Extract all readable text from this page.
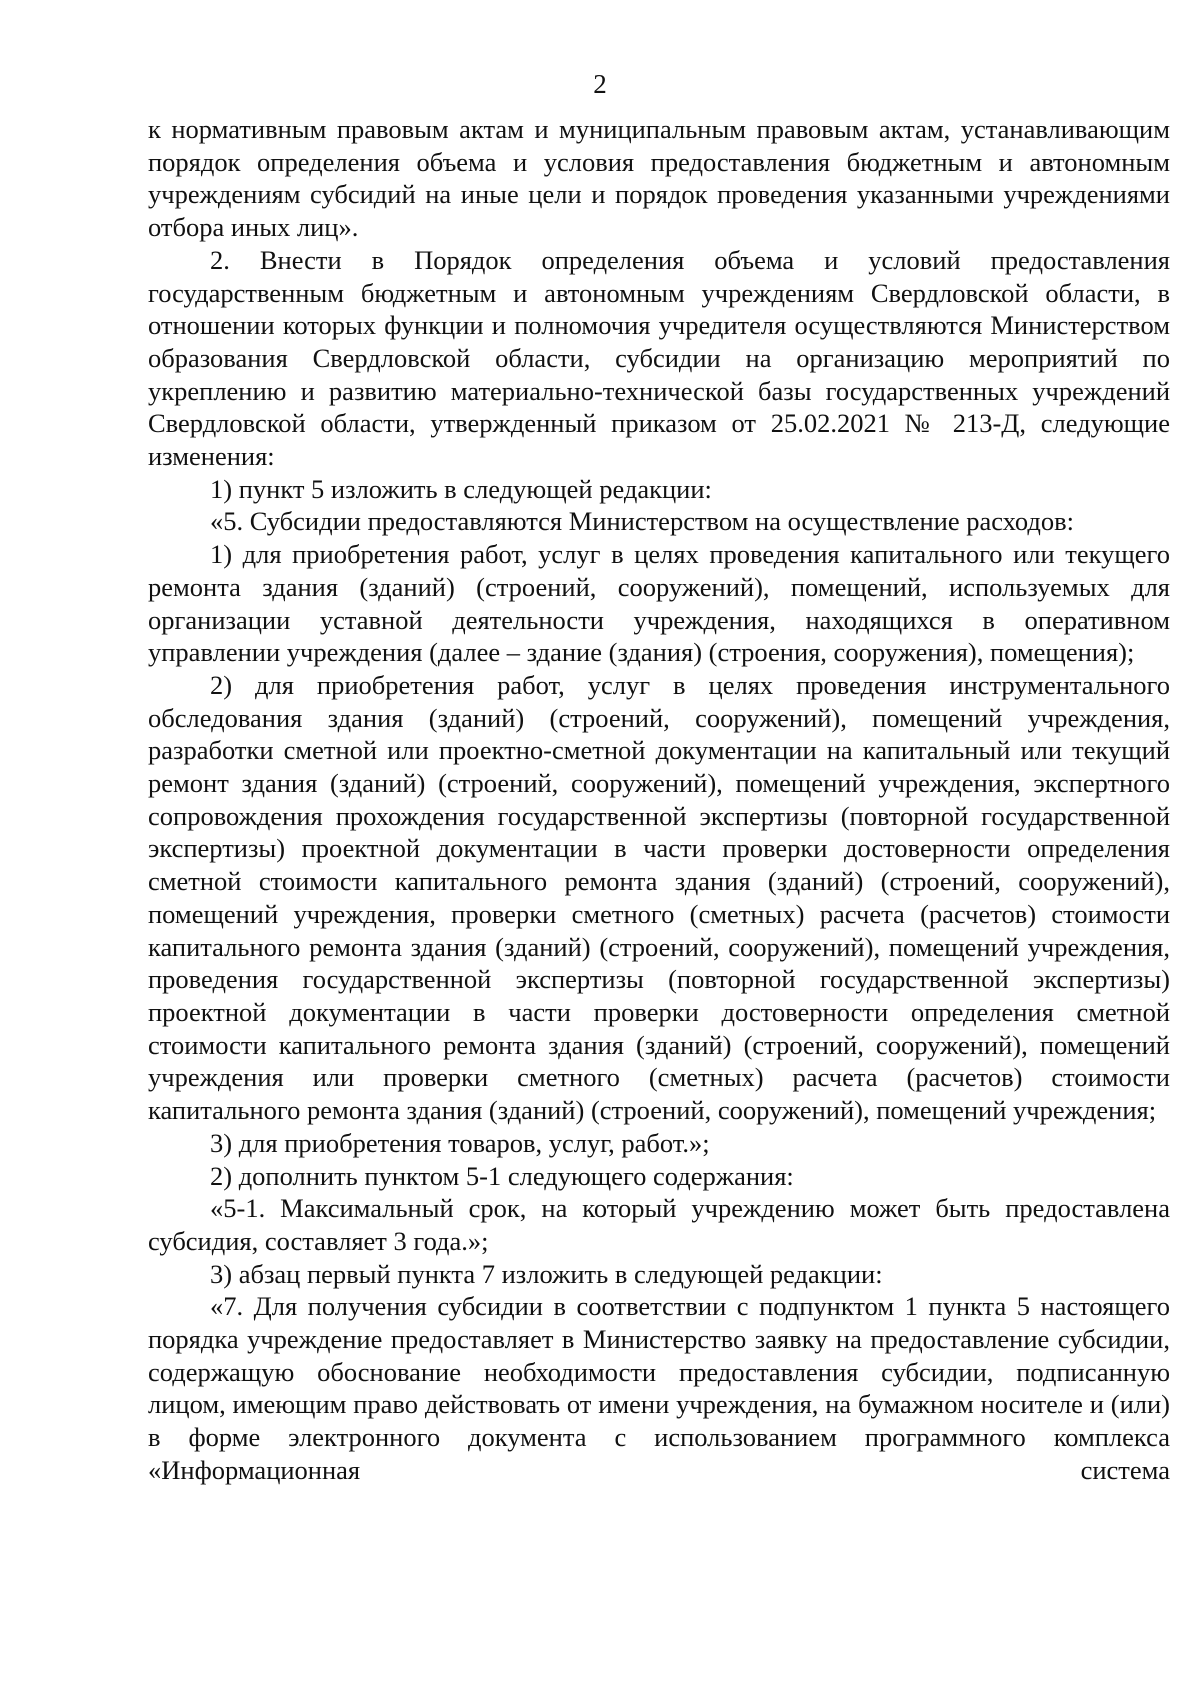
2

к нормативным правовым актам и муниципальным правовым актам, устанавливающим порядок определения объема и условия предоставления бюджетным и автономным учреждениям субсидий на иные цели и порядок проведения указанными учреждениями отбора иных лиц».

2. Внести в Порядок определения объема и условий предоставления государственным бюджетным и автономным учреждениям Свердловской области, в отношении которых функции и полномочия учредителя осуществляются Министерством образования Свердловской области, субсидии на организацию мероприятий по укреплению и развитию материально-технической базы государственных учреждений Свердловской области, утвержденный приказом от 25.02.2021 № 213-Д, следующие изменения:

1) пункт 5 изложить в следующей редакции:

«5. Субсидии предоставляются Министерством на осуществление расходов:

1) для приобретения работ, услуг в целях проведения капитального или текущего ремонта здания (зданий) (строений, сооружений), помещений, используемых для организации уставной деятельности учреждения, находящихся в оперативном управлении учреждения (далее – здание (здания) (строения, сооружения), помещения);

2) для приобретения работ, услуг в целях проведения инструментального обследования здания (зданий) (строений, сооружений), помещений учреждения, разработки сметной или проектно-сметной документации на капитальный или текущий ремонт здания (зданий) (строений, сооружений), помещений учреждения, экспертного сопровождения прохождения государственной экспертизы (повторной государственной экспертизы) проектной документации в части проверки достоверности определения сметной стоимости капитального ремонта здания (зданий) (строений, сооружений), помещений учреждения, проверки сметного (сметных) расчета (расчетов) стоимости капитального ремонта здания (зданий) (строений, сооружений), помещений учреждения, проведения государственной экспертизы (повторной государственной экспертизы) проектной документации в части проверки достоверности определения сметной стоимости капитального ремонта здания (зданий) (строений, сооружений), помещений учреждения или проверки сметного (сметных) расчета (расчетов) стоимости капитального ремонта здания (зданий) (строений, сооружений), помещений учреждения;

3) для приобретения товаров, услуг, работ.»;

2) дополнить пунктом 5-1 следующего содержания:

«5-1. Максимальный срок, на который учреждению может быть предоставлена субсидия, составляет 3 года.»;

3) абзац первый пункта 7 изложить в следующей редакции:

«7. Для получения субсидии в соответствии с подпунктом 1 пункта 5 настоящего порядка учреждение предоставляет в Министерство заявку на предоставление субсидии, содержащую обоснование необходимости предоставления субсидии, подписанную лицом, имеющим право действовать от имени учреждения, на бумажном носителе и (или) в форме электронного документа с использованием программного комплекса «Информационная система
